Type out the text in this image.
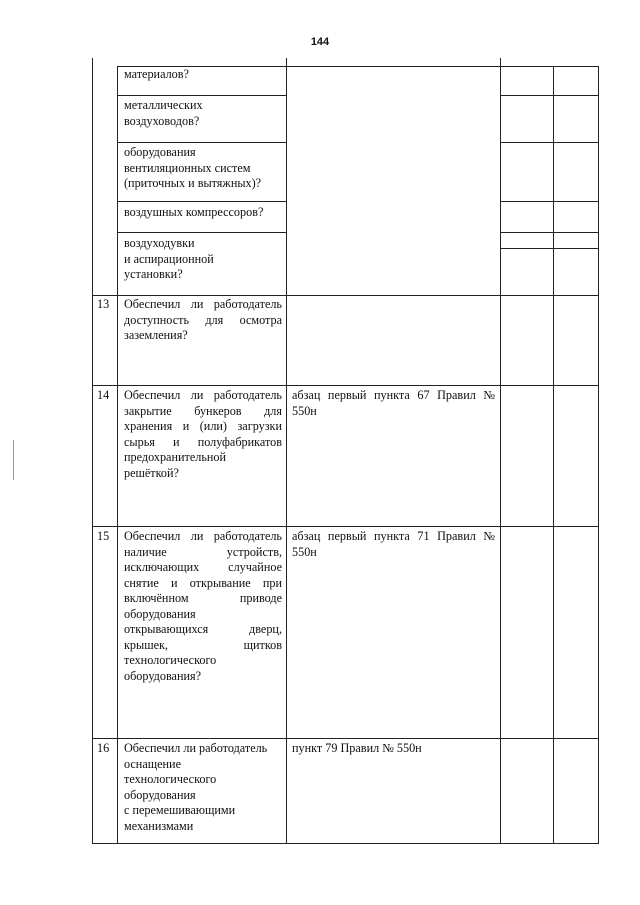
144
материалов?
металлических
воздуховодов?
оборудования
вентиляционных систем
(приточных и вытяжных)?
воздушных компрессоров?
воздуходувки
и аспирационной
установки?
13 Обеспечил ли работодатель доступность для осмотра заземления?
14 Обеспечил ли работодатель закрытие бункеров для хранения и (или) загрузки сырья и полуфабрикатов предохранительной решёткой?
абзац первый пункта 67 Правил № 550н
15 Обеспечил ли работодатель наличие устройств, исключающих случайное снятие и открывание при включённом приводе оборудования открывающихся дверц, крышек, щитков технологического оборудования?
абзац первый пункта 71 Правил № 550н
16 Обеспечил ли работодатель оснащение
технологического
оборудования
с перемешивающими
механизмами
пункт 79 Правил № 550н
